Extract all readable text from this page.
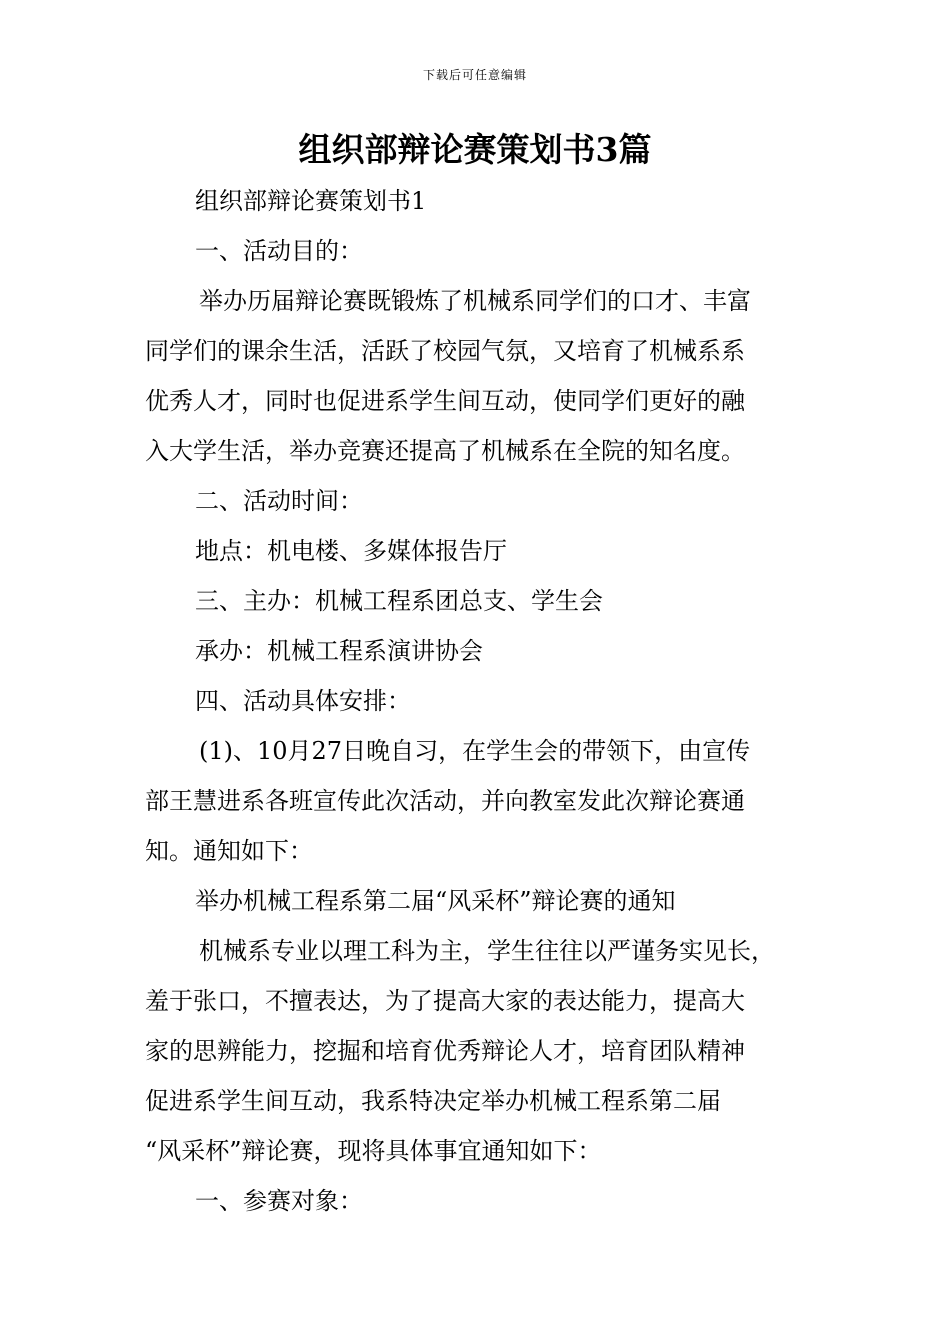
下载后可任意编辑
组织部辩论赛策划书3篇

组织部辩论赛策划书1

一、活动目的：

举办历届辩论赛既锻炼了机械系同学们的口才、丰富

同学们的课余生活，活跃了校园气氛，又培育了机械系系

优秀人才，同时也促进系学生间互动，使同学们更好的融

入大学生活，举办竞赛还提高了机械系在全院的知名度。

二、活动时间：

地点：机电楼、多媒体报告厅

三、主办：机械工程系团总支、学生会

承办：机械工程系演讲协会

四、活动具体安排：

(1)、10月27日晚自习，在学生会的带领下，由宣传

部王慧进系各班宣传此次活动，并向教室发此次辩论赛通

知。通知如下：

举办机械工程系第二届“风采杯”辩论赛的通知

机械系专业以理工科为主，学生往往以严谨务实见长，

羞于张口，不擅表达，为了提高大家的表达能力，提高大

家的思辨能力，挖掘和培育优秀辩论人才，培育团队精神

促进系学生间互动，我系特决定举办机械工程系第二届

“风采杯”辩论赛，现将具体事宜通知如下：

一、参赛对象：
